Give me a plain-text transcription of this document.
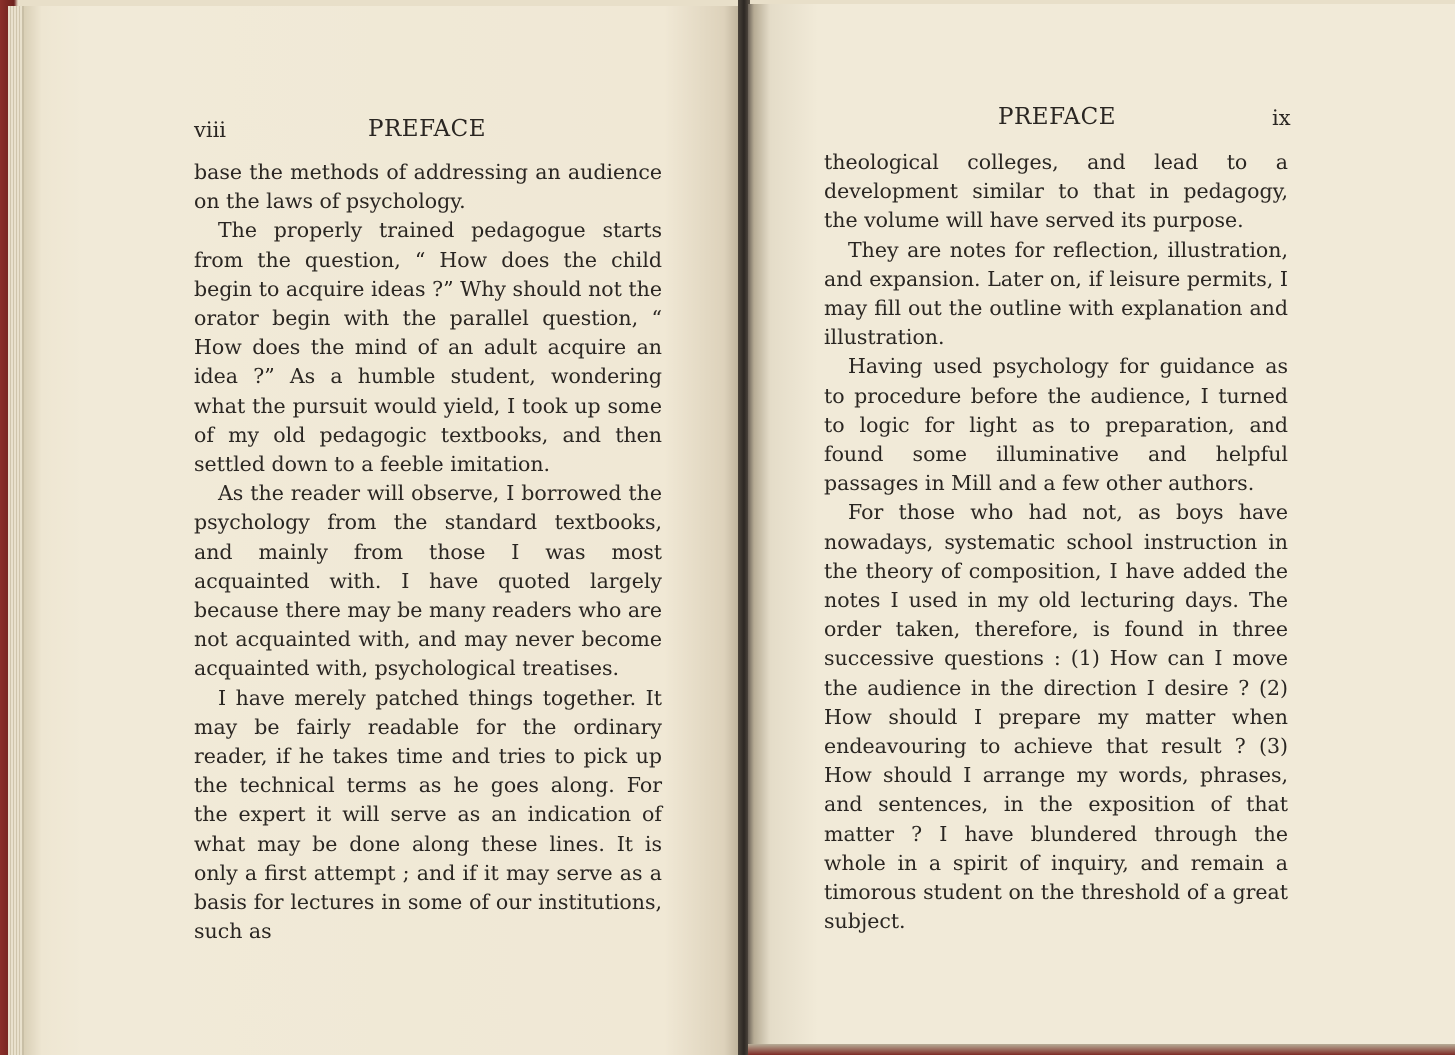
viii	PREFACE

base the methods of addressing an audience on the laws of psychology.

The properly trained pedagogue starts from the question, “ How does the child begin to acquire ideas ?” Why should not the orator begin with the parallel question, “ How does the mind of an adult acquire an idea ?” As a humble student, wondering what the pursuit would yield, I took up some of my old pedagogic textbooks, and then settled down to a feeble imitation.

As the reader will observe, I borrowed the psychology from the standard textbooks, and mainly from those I was most acquainted with. I have quoted largely because there may be many readers who are not acquainted with, and may never become acquainted with, psychological treatises.

I have merely patched things together. It may be fairly readable for the ordinary reader, if he takes time and tries to pick up the technical terms as he goes along. For the expert it will serve as an indication of what may be done along these lines. It is only a first attempt ; and if it may serve as a basis for lectures in some of our institutions, such as

PREFACE	ix

theological colleges, and lead to a development similar to that in pedagogy, the volume will have served its purpose.

They are notes for reflection, illustration, and expansion. Later on, if leisure permits, I may fill out the outline with explanation and illustration.

Having used psychology for guidance as to procedure before the audience, I turned to logic for light as to preparation, and found some illuminative and helpful passages in Mill and a few other authors.

For those who had not, as boys have nowadays, systematic school instruction in the theory of composition, I have added the notes I used in my old lecturing days. The order taken, therefore, is found in three successive questions : (1) How can I move the audience in the direction I desire ? (2) How should I prepare my matter when endeavouring to achieve that result ? (3) How should I arrange my words, phrases, and sentences, in the exposition of that matter ? I have blundered through the whole in a spirit of inquiry, and remain a timorous student on the threshold of a great subject.
